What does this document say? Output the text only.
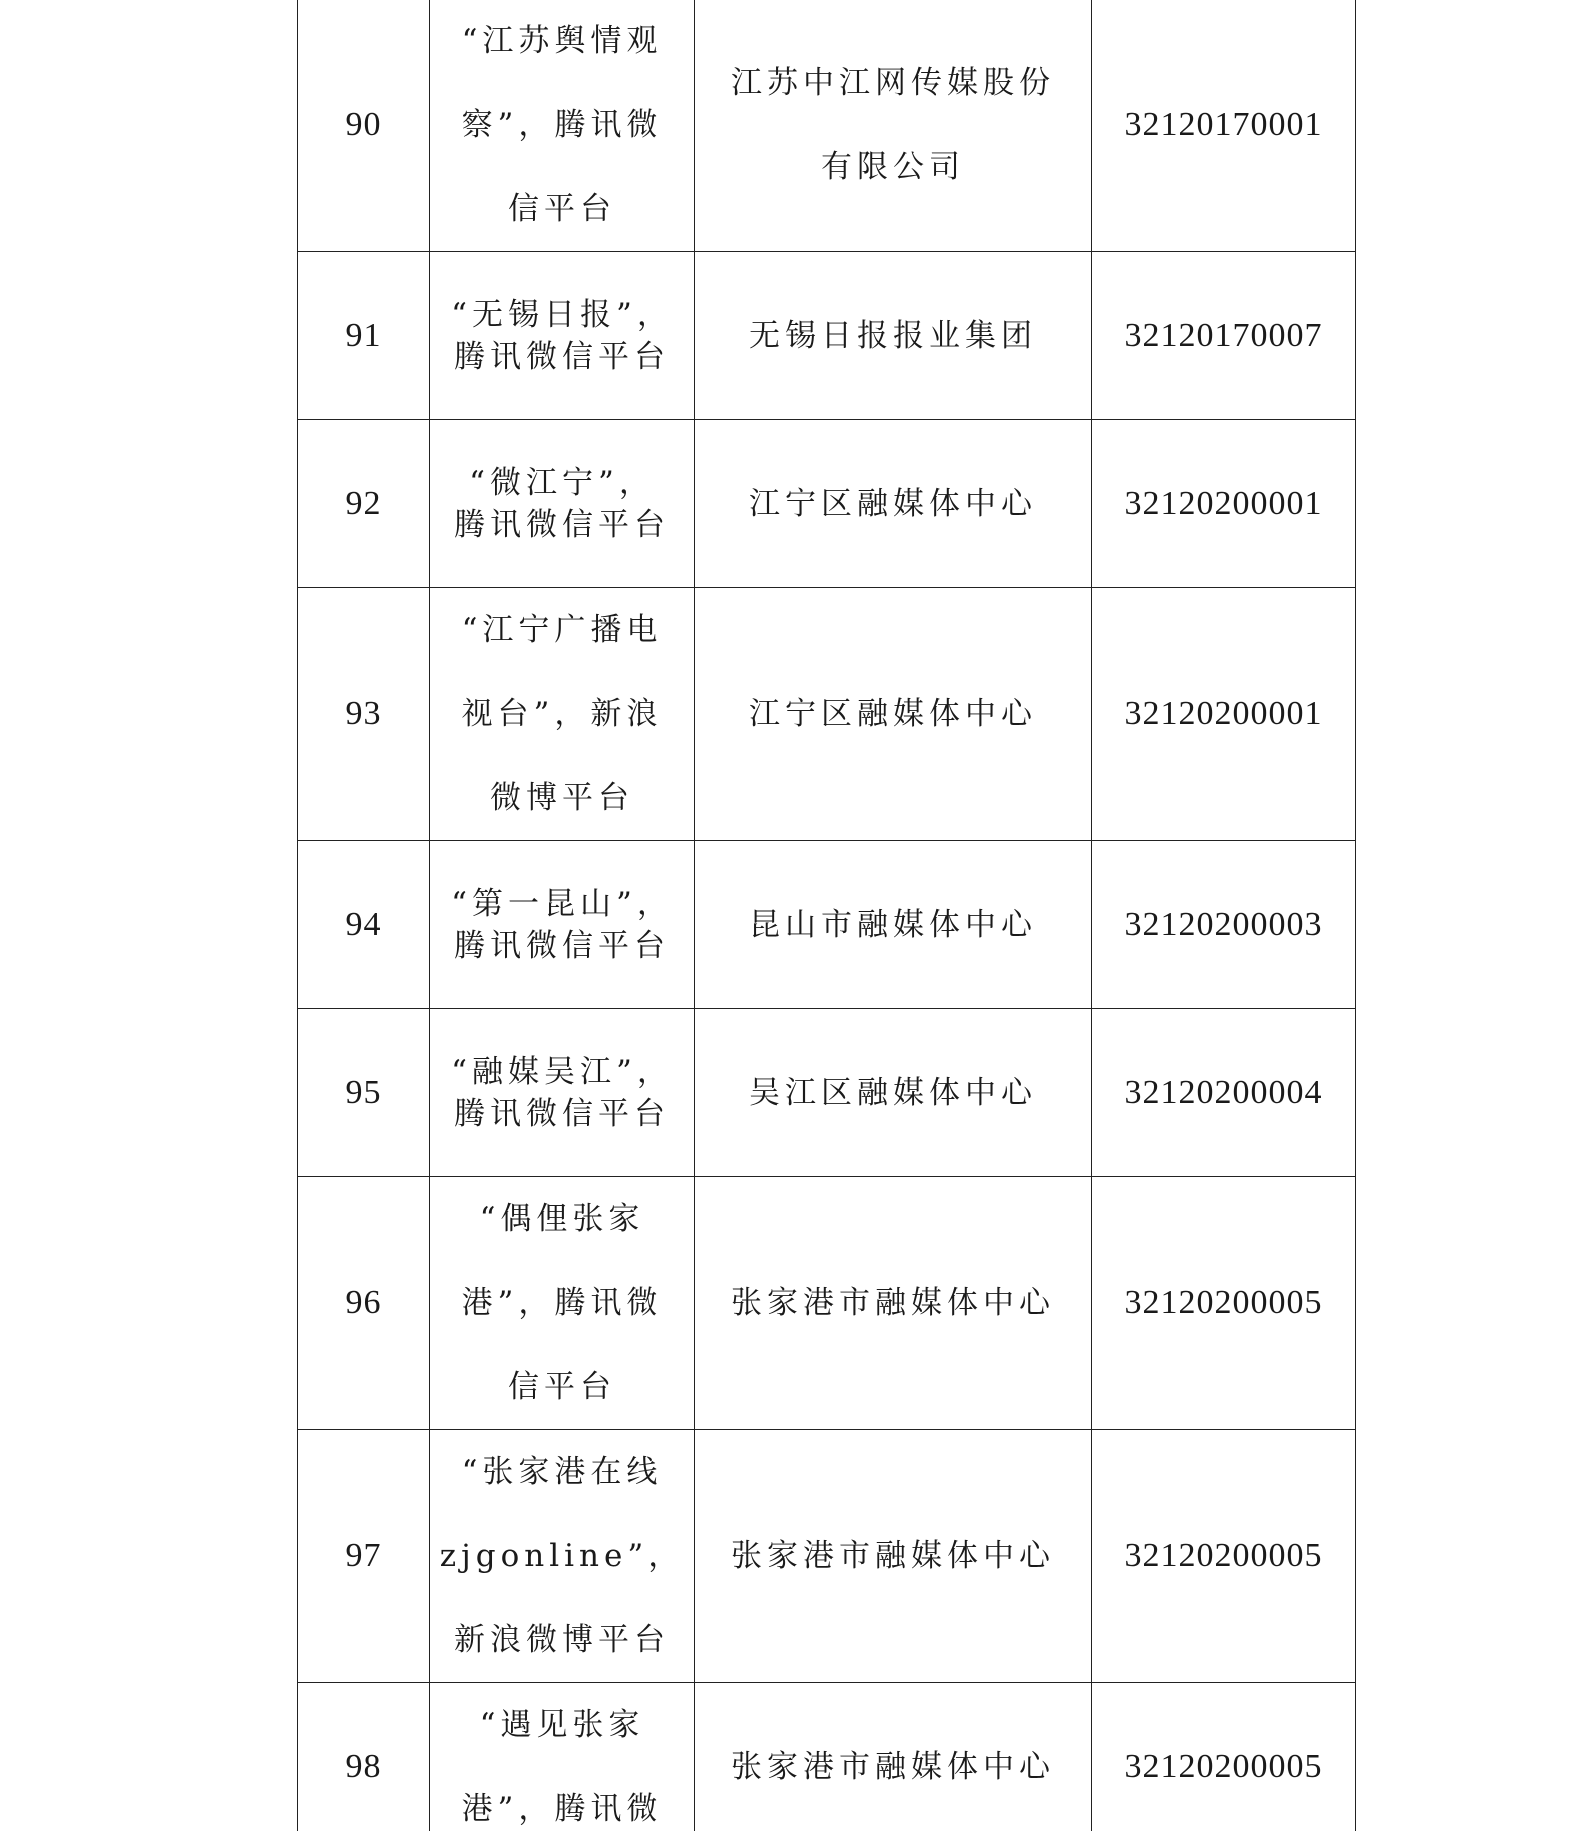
90	“江苏舆情观
察”，腾讯微
信平台	江苏中江网传媒股份
有限公司	32120170001
91	“无锡日报”，
腾讯微信平台	无锡日报报业集团	32120170007
92	“微江宁”，
腾讯微信平台	江宁区融媒体中心	32120200001
93	“江宁广播电
视台”，新浪
微博平台	江宁区融媒体中心	32120200001
94	“第一昆山”，
腾讯微信平台	昆山市融媒体中心	32120200003
95	“融媒吴江”，
腾讯微信平台	吴江区融媒体中心	32120200004
96	“偶俚张家
港”，腾讯微
信平台	张家港市融媒体中心	32120200005
97	“张家港在线
zjgonline”，
新浪微博平台	张家港市融媒体中心	32120200005
98	“遇见张家
港”，腾讯微	张家港市融媒体中心	32120200005
